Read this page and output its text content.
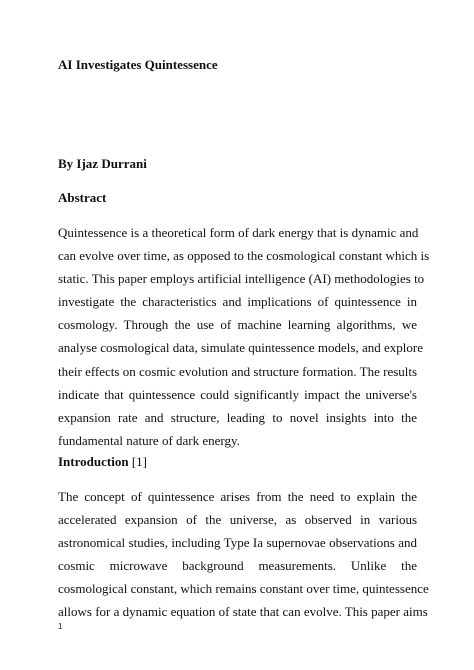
AI Investigates Quintessence

By Ijaz Durrani

Abstract
Quintessence is a theoretical form of dark energy that is dynamic and
can evolve over time, as opposed to the cosmological constant which is
static. This paper employs artificial intelligence (AI) methodologies to
investigate the characteristics and implications of quintessence in
cosmology. Through the use of machine learning algorithms, we
analyse cosmological data, simulate quintessence models, and explore
their effects on cosmic evolution and structure formation. The results
indicate that quintessence could significantly impact the universe's
expansion rate and structure, leading to novel insights into the
fundamental nature of dark energy.
Introduction [1]
The concept of quintessence arises from the need to explain the
accelerated expansion of the universe, as observed in various
astronomical studies, including Type Ia supernovae observations and
cosmic microwave background measurements. Unlike the
cosmological constant, which remains constant over time, quintessence
allows for a dynamic equation of state that can evolve. This paper aims
1
